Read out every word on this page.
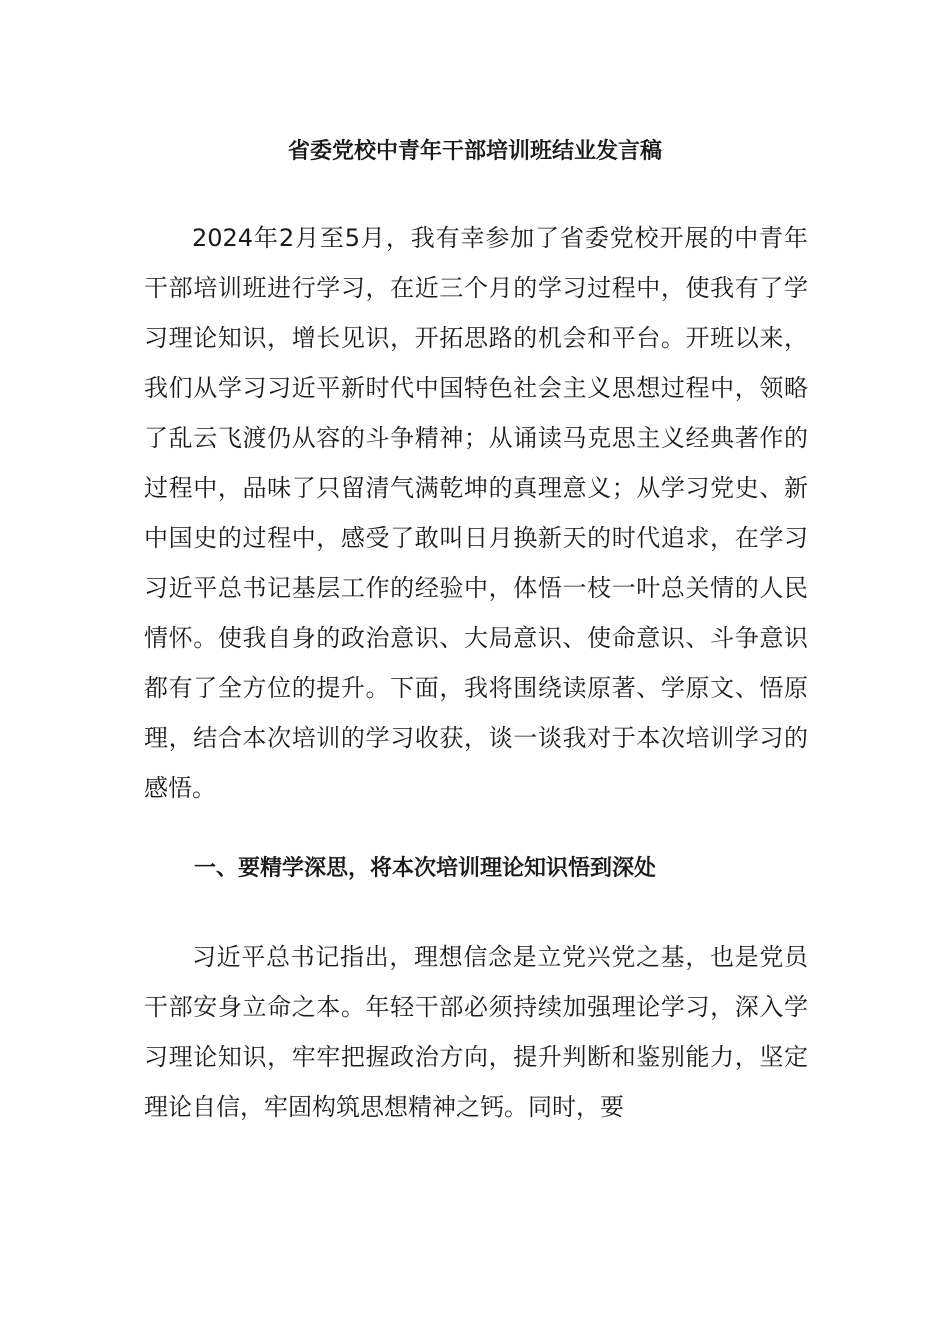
省委党校中青年干部培训班结业发言稿

2024年2月至5月，我有幸参加了省委党校开展的中青年干部培训班进行学习，在近三个月的学习过程中，使我有了学习理论知识，增长见识，开拓思路的机会和平台。开班以来，我们从学习习近平新时代中国特色社会主义思想过程中，领略了乱云飞渡仍从容的斗争精神；从诵读马克思主义经典著作的过程中，品味了只留清气满乾坤的真理意义；从学习党史、新中国史的过程中，感受了敢叫日月换新天的时代追求，在学习习近平总书记基层工作的经验中，体悟一枝一叶总关情的人民情怀。使我自身的政治意识、大局意识、使命意识、斗争意识都有了全方位的提升。下面，我将围绕读原著、学原文、悟原理，结合本次培训的学习收获，谈一谈我对于本次培训学习的感悟。

一、要精学深思，将本次培训理论知识悟到深处

习近平总书记指出，理想信念是立党兴党之基，也是党员干部安身立命之本。年轻干部必须持续加强理论学习，深入学习理论知识，牢牢把握政治方向，提升判断和鉴别能力，坚定理论自信，牢固构筑思想精神之钙。同时，要
